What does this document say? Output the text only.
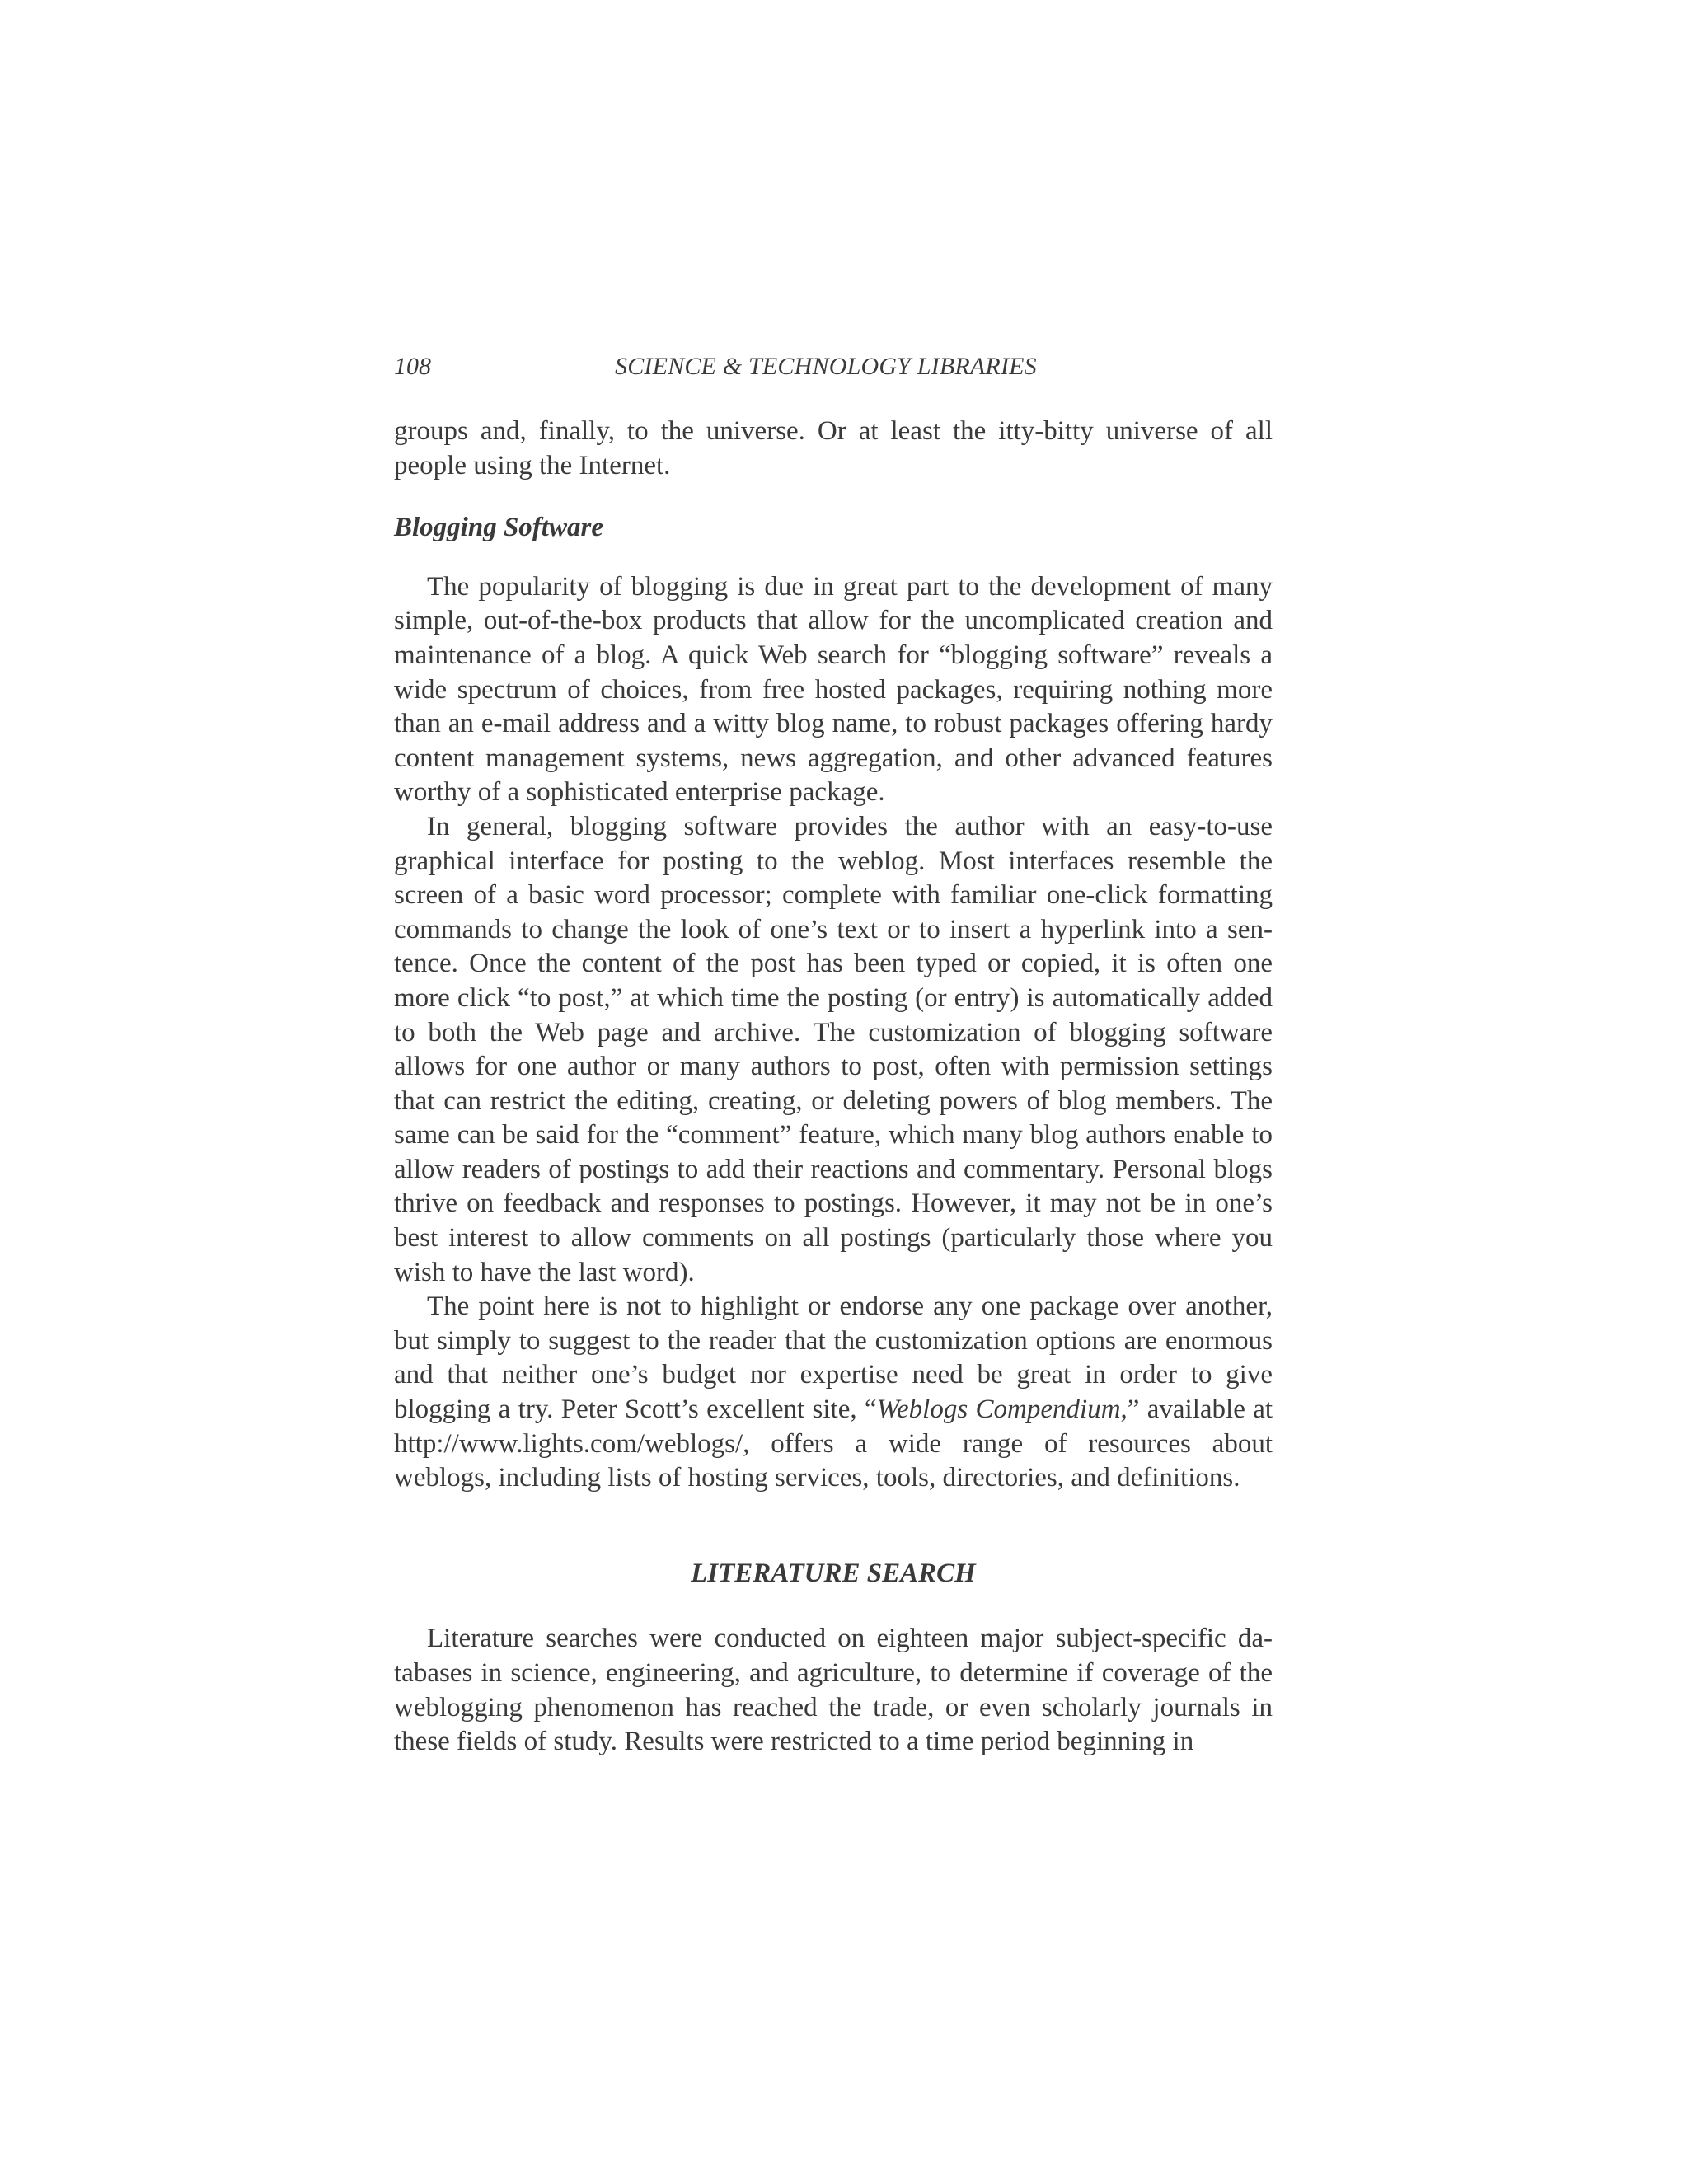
108	SCIENCE & TECHNOLOGY LIBRARIES

groups and, finally, to the universe. Or at least the itty-bitty universe of all people using the Internet.

Blogging Software

The popularity of blogging is due in great part to the development of many simple, out-of-the-box products that allow for the uncomplicated creation and maintenance of a blog. A quick Web search for “blogging software” reveals a wide spectrum of choices, from free hosted packages, requiring nothing more than an e-mail address and a witty blog name, to robust packages offering hardy content management systems, news aggregation, and other advanced features worthy of a sophisticated enterprise package.

In general, blogging software provides the author with an easy-to-use graphical interface for posting to the weblog. Most interfaces resemble the screen of a basic word processor; complete with familiar one-click formatting commands to change the look of one’s text or to insert a hyperlink into a sentence. Once the content of the post has been typed or copied, it is often one more click “to post,” at which time the posting (or entry) is automatically added to both the Web page and archive. The customization of blogging software allows for one author or many authors to post, often with permission settings that can restrict the editing, creating, or deleting powers of blog members. The same can be said for the “comment” feature, which many blog authors enable to allow readers of postings to add their reactions and commentary. Personal blogs thrive on feedback and responses to postings. However, it may not be in one’s best interest to allow comments on all postings (particularly those where you wish to have the last word).

The point here is not to highlight or endorse any one package over another, but simply to suggest to the reader that the customization options are enormous and that neither one’s budget nor expertise need be great in order to give blogging a try. Peter Scott’s excellent site, “Weblogs Compendium,” available at http://www.lights.com/weblogs/, offers a wide range of resources about weblogs, including lists of hosting services, tools, directories, and definitions.

LITERATURE SEARCH

Literature searches were conducted on eighteen major subject-specific databases in science, engineering, and agriculture, to determine if coverage of the weblogging phenomenon has reached the trade, or even scholarly journals in these fields of study. Results were restricted to a time period beginning in
